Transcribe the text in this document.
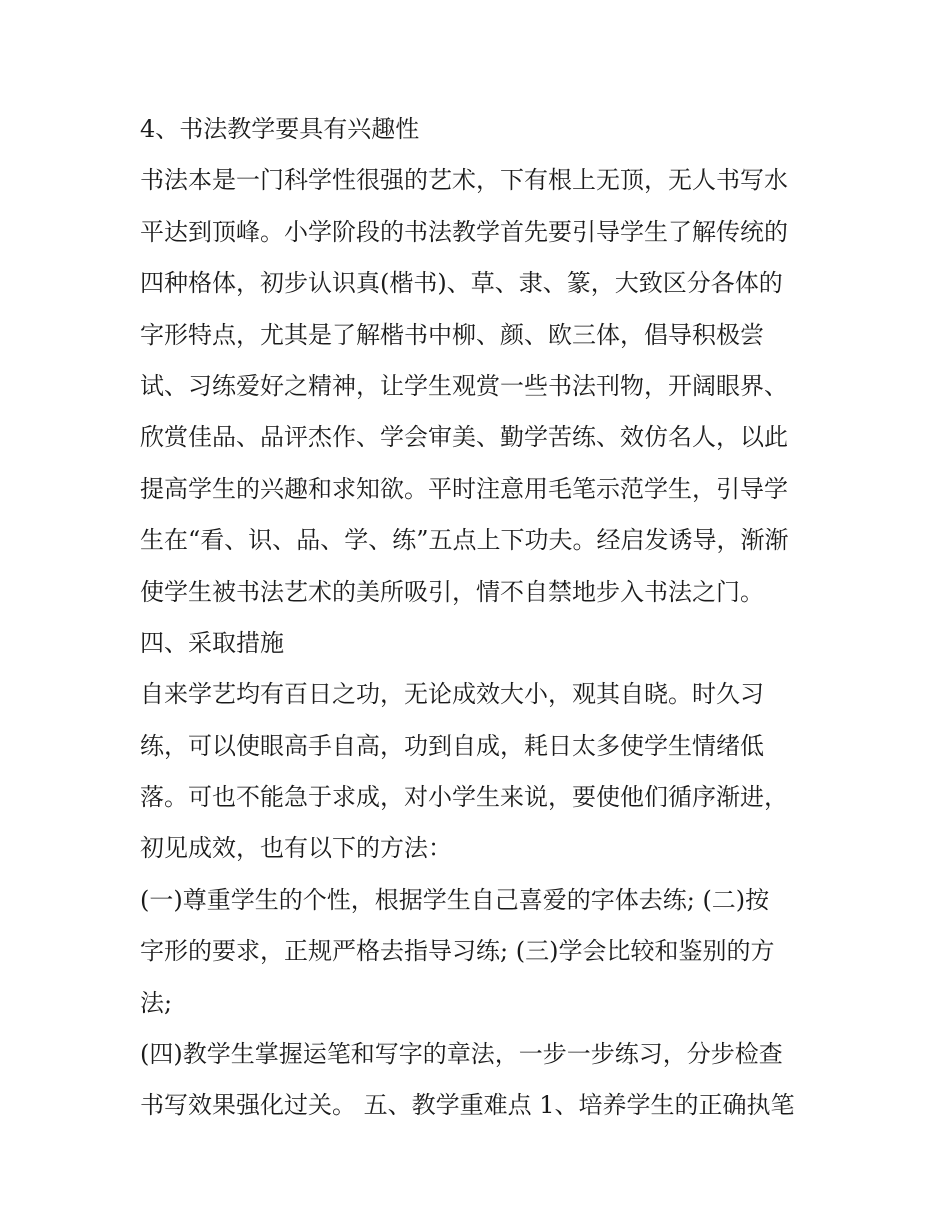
4、书法教学要具有兴趣性
书法本是一门科学性很强的艺术，下有根上无顶，无人书写水
平达到顶峰。小学阶段的书法教学首先要引导学生了解传统的
四种格体，初步认识真(楷书)、草、隶、篆，大致区分各体的
字形特点，尤其是了解楷书中柳、颜、欧三体，倡导积极尝
试、习练爱好之精神，让学生观赏一些书法刊物，开阔眼界、
欣赏佳品、品评杰作、学会审美、勤学苦练、效仿名人，以此
提高学生的兴趣和求知欲。平时注意用毛笔示范学生，引导学
生在“看、识、品、学、练”五点上下功夫。经启发诱导，渐渐
使学生被书法艺术的美所吸引，情不自禁地步入书法之门。
四、采取措施
自来学艺均有百日之功，无论成效大小，观其自晓。时久习
练，可以使眼高手自高，功到自成，耗日太多使学生情绪低
落。可也不能急于求成，对小学生来说，要使他们循序渐进，
初见成效，也有以下的方法：
(一)尊重学生的个性，根据学生自己喜爱的字体去练; (二)按
字形的要求，正规严格去指导习练; (三)学会比较和鉴别的方
法;
(四)教学生掌握运笔和写字的章法，一步一步练习，分步检查
书写效果强化过关。 五、教学重难点 1、培养学生的正确执笔
